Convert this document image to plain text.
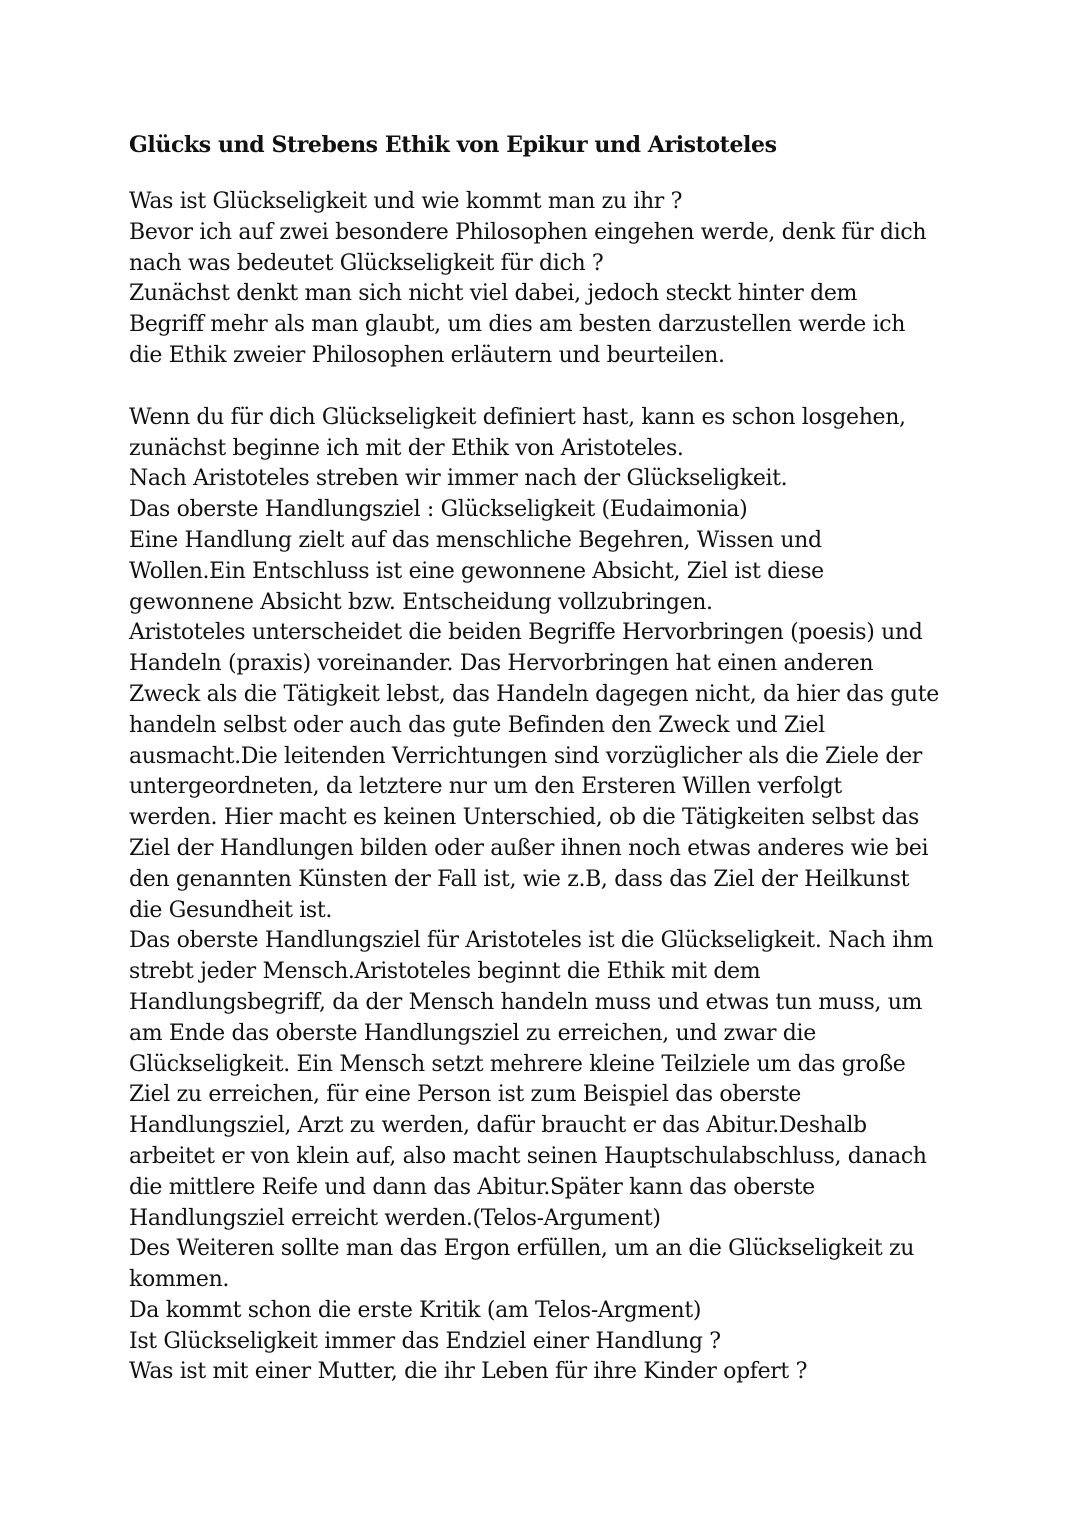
Glücks und Strebens Ethik von Epikur und Aristoteles
Was ist Glückseligkeit und wie kommt man zu ihr ?
Bevor ich auf zwei besondere Philosophen eingehen werde, denk für dich
nach was bedeutet Glückseligkeit für dich ?
Zunächst denkt man sich nicht viel dabei, jedoch steckt hinter dem
Begriff mehr als man glaubt, um dies am besten darzustellen werde ich
die Ethik zweier Philosophen erläutern und beurteilen.
Wenn du für dich Glückseligkeit definiert hast, kann es schon losgehen,
zunächst beginne ich mit der Ethik von Aristoteles.
Nach Aristoteles streben wir immer nach der Glückseligkeit.
Das oberste Handlungsziel : Glückseligkeit (Eudaimonia)
Eine Handlung zielt auf das menschliche Begehren, Wissen und
Wollen.Ein Entschluss ist eine gewonnene Absicht, Ziel ist diese
gewonnene Absicht bzw. Entscheidung vollzubringen.
Aristoteles unterscheidet die beiden Begriffe Hervorbringen (poesis) und
Handeln (praxis) voreinander. Das Hervorbringen hat einen anderen
Zweck als die Tätigkeit lebst, das Handeln dagegen nicht, da hier das gute
handeln selbst oder auch das gute Befinden den Zweck und Ziel
ausmacht.Die leitenden Verrichtungen sind vorzüglicher als die Ziele der
untergeordneten, da letztere nur um den Ersteren Willen verfolgt
werden. Hier macht es keinen Unterschied, ob die Tätigkeiten selbst das
Ziel der Handlungen bilden oder außer ihnen noch etwas anderes wie bei
den genannten Künsten der Fall ist, wie z.B, dass das Ziel der Heilkunst
die Gesundheit ist.
Das oberste Handlungsziel für Aristoteles ist die Glückseligkeit. Nach ihm
strebt jeder Mensch.Aristoteles beginnt die Ethik mit dem
Handlungsbegriff, da der Mensch handeln muss und etwas tun muss, um
am Ende das oberste Handlungsziel zu erreichen, und zwar die
Glückseligkeit. Ein Mensch setzt mehrere kleine Teilziele um das große
Ziel zu erreichen, für eine Person ist zum Beispiel das oberste
Handlungsziel, Arzt zu werden, dafür braucht er das Abitur.Deshalb
arbeitet er von klein auf, also macht seinen Hauptschulabschluss, danach
die mittlere Reife und dann das Abitur.Später kann das oberste
Handlungsziel erreicht werden.(Telos-Argument)
Des Weiteren sollte man das Ergon erfüllen, um an die Glückseligkeit zu
kommen.
Da kommt schon die erste Kritik (am Telos-Argment)
Ist Glückseligkeit immer das Endziel einer Handlung ?
Was ist mit einer Mutter, die ihr Leben für ihre Kinder opfert ?
